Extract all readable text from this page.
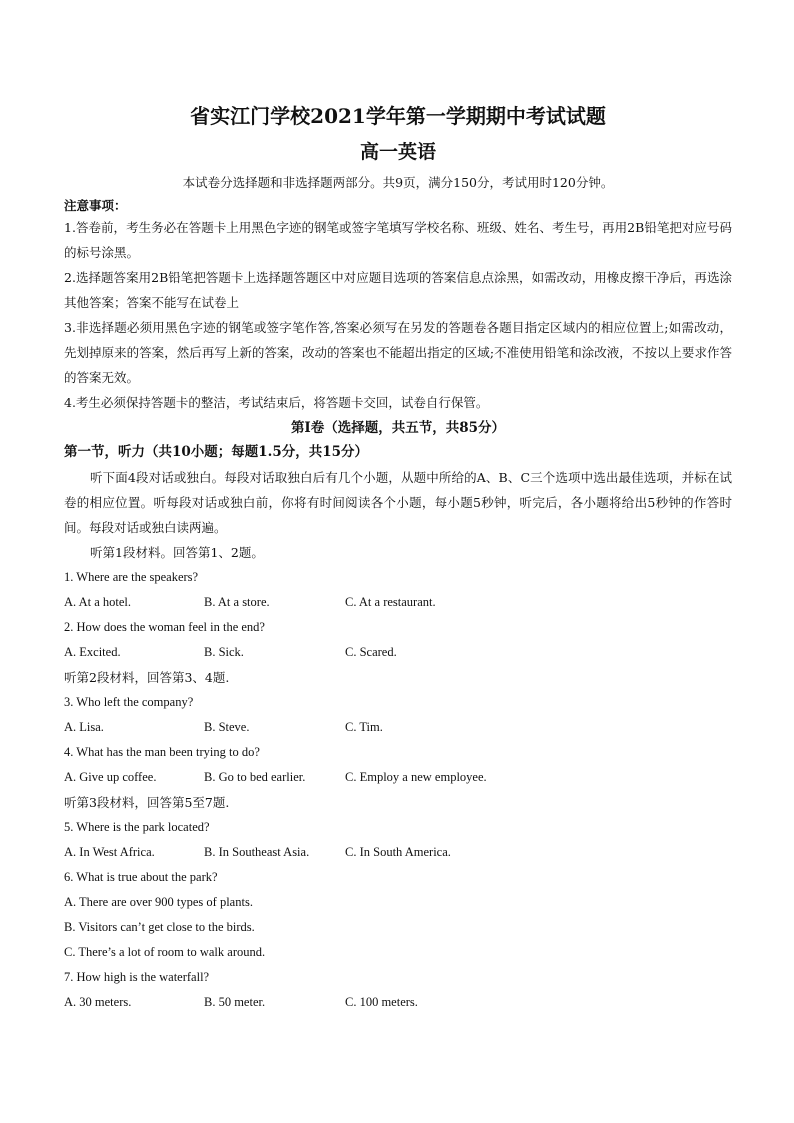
省实江门学校2021学年第一学期期中考试试题
高一英语

本试卷分选择题和非选择题两部分。共9页，满分150分，考试用时120分钟。

注意事项：

1.答卷前，考生务必在答题卡上用黑色字迹的钢笔或签字笔填写学校名称、班级、姓名、考生号，再用2B铅笔把对应号码的标号涂黑。

2.选择题答案用2B铅笔把答题卡上选择题答题区中对应题目选项的答案信息点涂黑，如需改动，用橡皮擦干净后，再选涂其他答案；答案不能写在试卷上

3.非选择题必须用黑色字迹的钢笔或签字笔作答,答案必须写在另发的答题卷各题目指定区域内的相应位置上;如需改动，先划掉原来的答案，然后再写上新的答案，改动的答案也不能超出指定的区域;不准使用铅笔和涂改液，不按以上要求作答的答案无效。

4.考生必须保持答题卡的整洁，考试结束后，将答题卡交回，试卷自行保管。

第Ⅰ卷（选择题，共五节，共85分）

第一节，听力（共10小题；每题1.5分，共15分）

听下面4段对话或独白。每段对话取独白后有几个小题，从题中所给的A、B、C三个选项中选出最佳选项，并标在试卷的相应位置。听每段对话或独白前，你将有时间阅读各个小题，每小题5秒钟，听完后，各小题将给出5秒钟的作答时间。每段对话或独白读两遍。

听第1段材料。回答第1、2题。

1. Where are the speakers?

A. At a hotel.	B. At a store.	C. At a restaurant.

2. How does the woman feel in the end?

A. Excited.	B. Sick.	C. Scared.

听第2段材料，回答第3、4题.

3. Who left the company?

A. Lisa.	B. Steve.	C. Tim.

4. What has the man been trying to do?

A. Give up coffee.	B. Go to bed earlier.	C. Employ a new employee.

听第3段材料，回答第5至7题.

5. Where is the park located?

A. In West Africa.	B. In Southeast Asia.	C. In South America.

6. What is true about the park?

A. There are over 900 types of plants.

B. Visitors can’t get close to the birds.

C. There’s a lot of room to walk around.

7. How high is the waterfall?

A. 30 meters.	B. 50 meter.	C. 100 meters.
